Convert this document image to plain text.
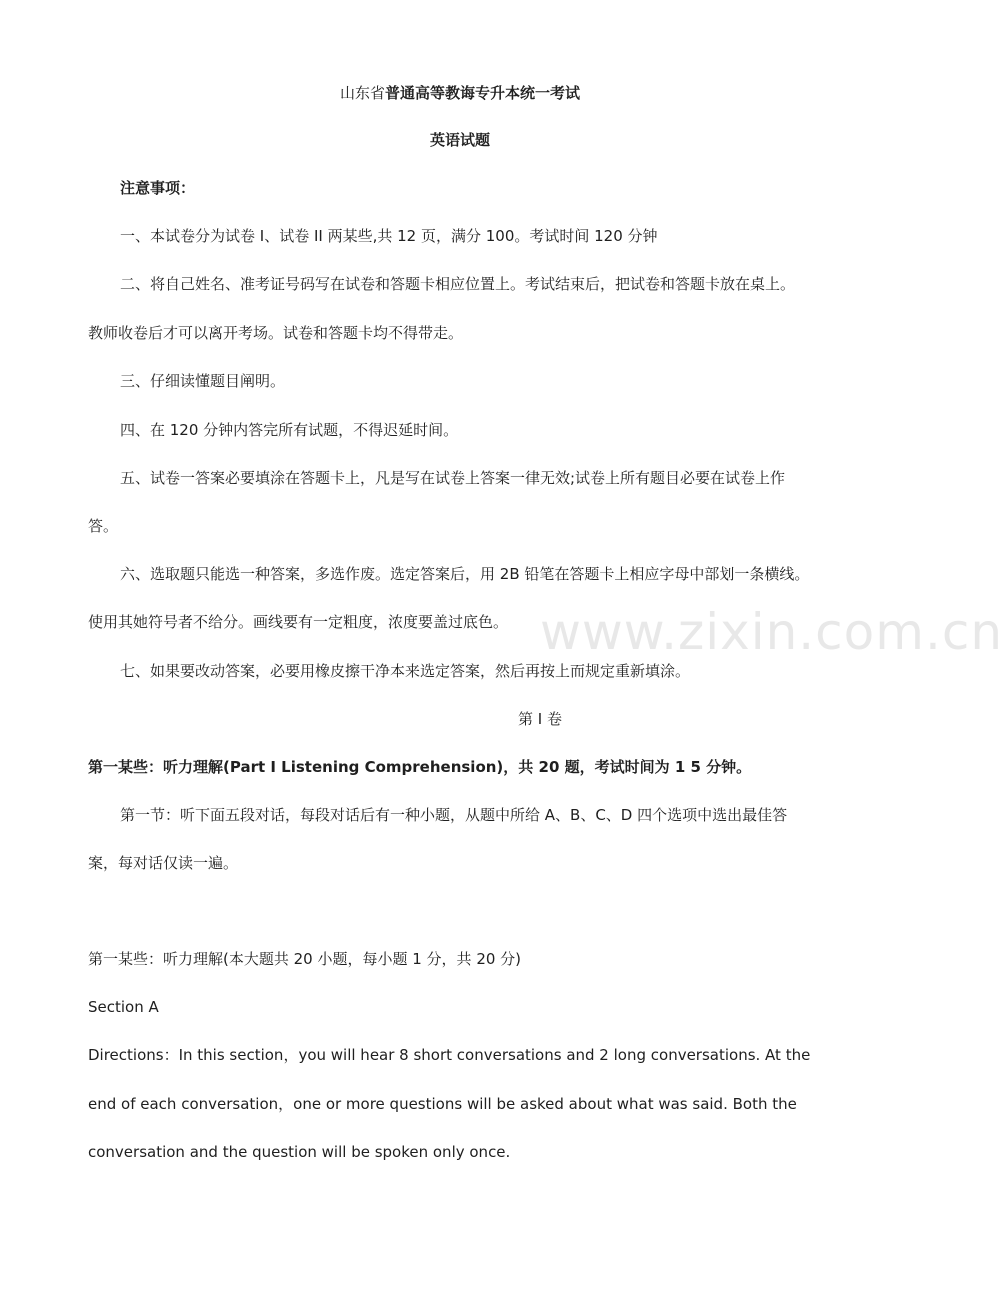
www.zixin.com.cn
山东省普通高等教诲专升本统一考试
英语试题
注意事项：
一、本试卷分为试卷 I、试卷 II 两某些,共 12 页，满分 100。考试时间 120 分钟
二、将自己姓名、准考证号码写在试卷和答题卡相应位置上。考试结束后，把试卷和答题卡放在桌上。
教师收卷后才可以离开考场。试卷和答题卡均不得带走。
三、仔细读懂题目阐明。
四、在 120 分钟内答完所有试题，不得迟延时间。
五、试卷一答案必要填涂在答题卡上，凡是写在试卷上答案一律无效;试卷上所有题目必要在试卷上作
答。
六、选取题只能选一种答案，多选作废。选定答案后，用 2B 铅笔在答题卡上相应字母中部划一条横线。
使用其她符号者不给分。画线要有一定粗度，浓度要盖过底色。
七、如果要改动答案，必要用橡皮擦干净本来选定答案，然后再按上而规定重新填涂。
第 I 卷
第一某些：听力理解(Part I Listening Comprehension)，共 20 题，考试时间为 1 5 分钟。
第一节：听下面五段对话，每段对话后有一种小题，从题中所给 A、B、C、D 四个选项中选出最佳答
案，每对话仅读一遍。
第一某些：听力理解(本大题共 20 小题，每小题 1 分，共 20 分)
Section A
Directions：In this section，you will hear 8 short conversations and 2 long conversations. At the
end of each conversation，one or more questions will be asked about what was said. Both the
conversation and the question will be spoken only once.
